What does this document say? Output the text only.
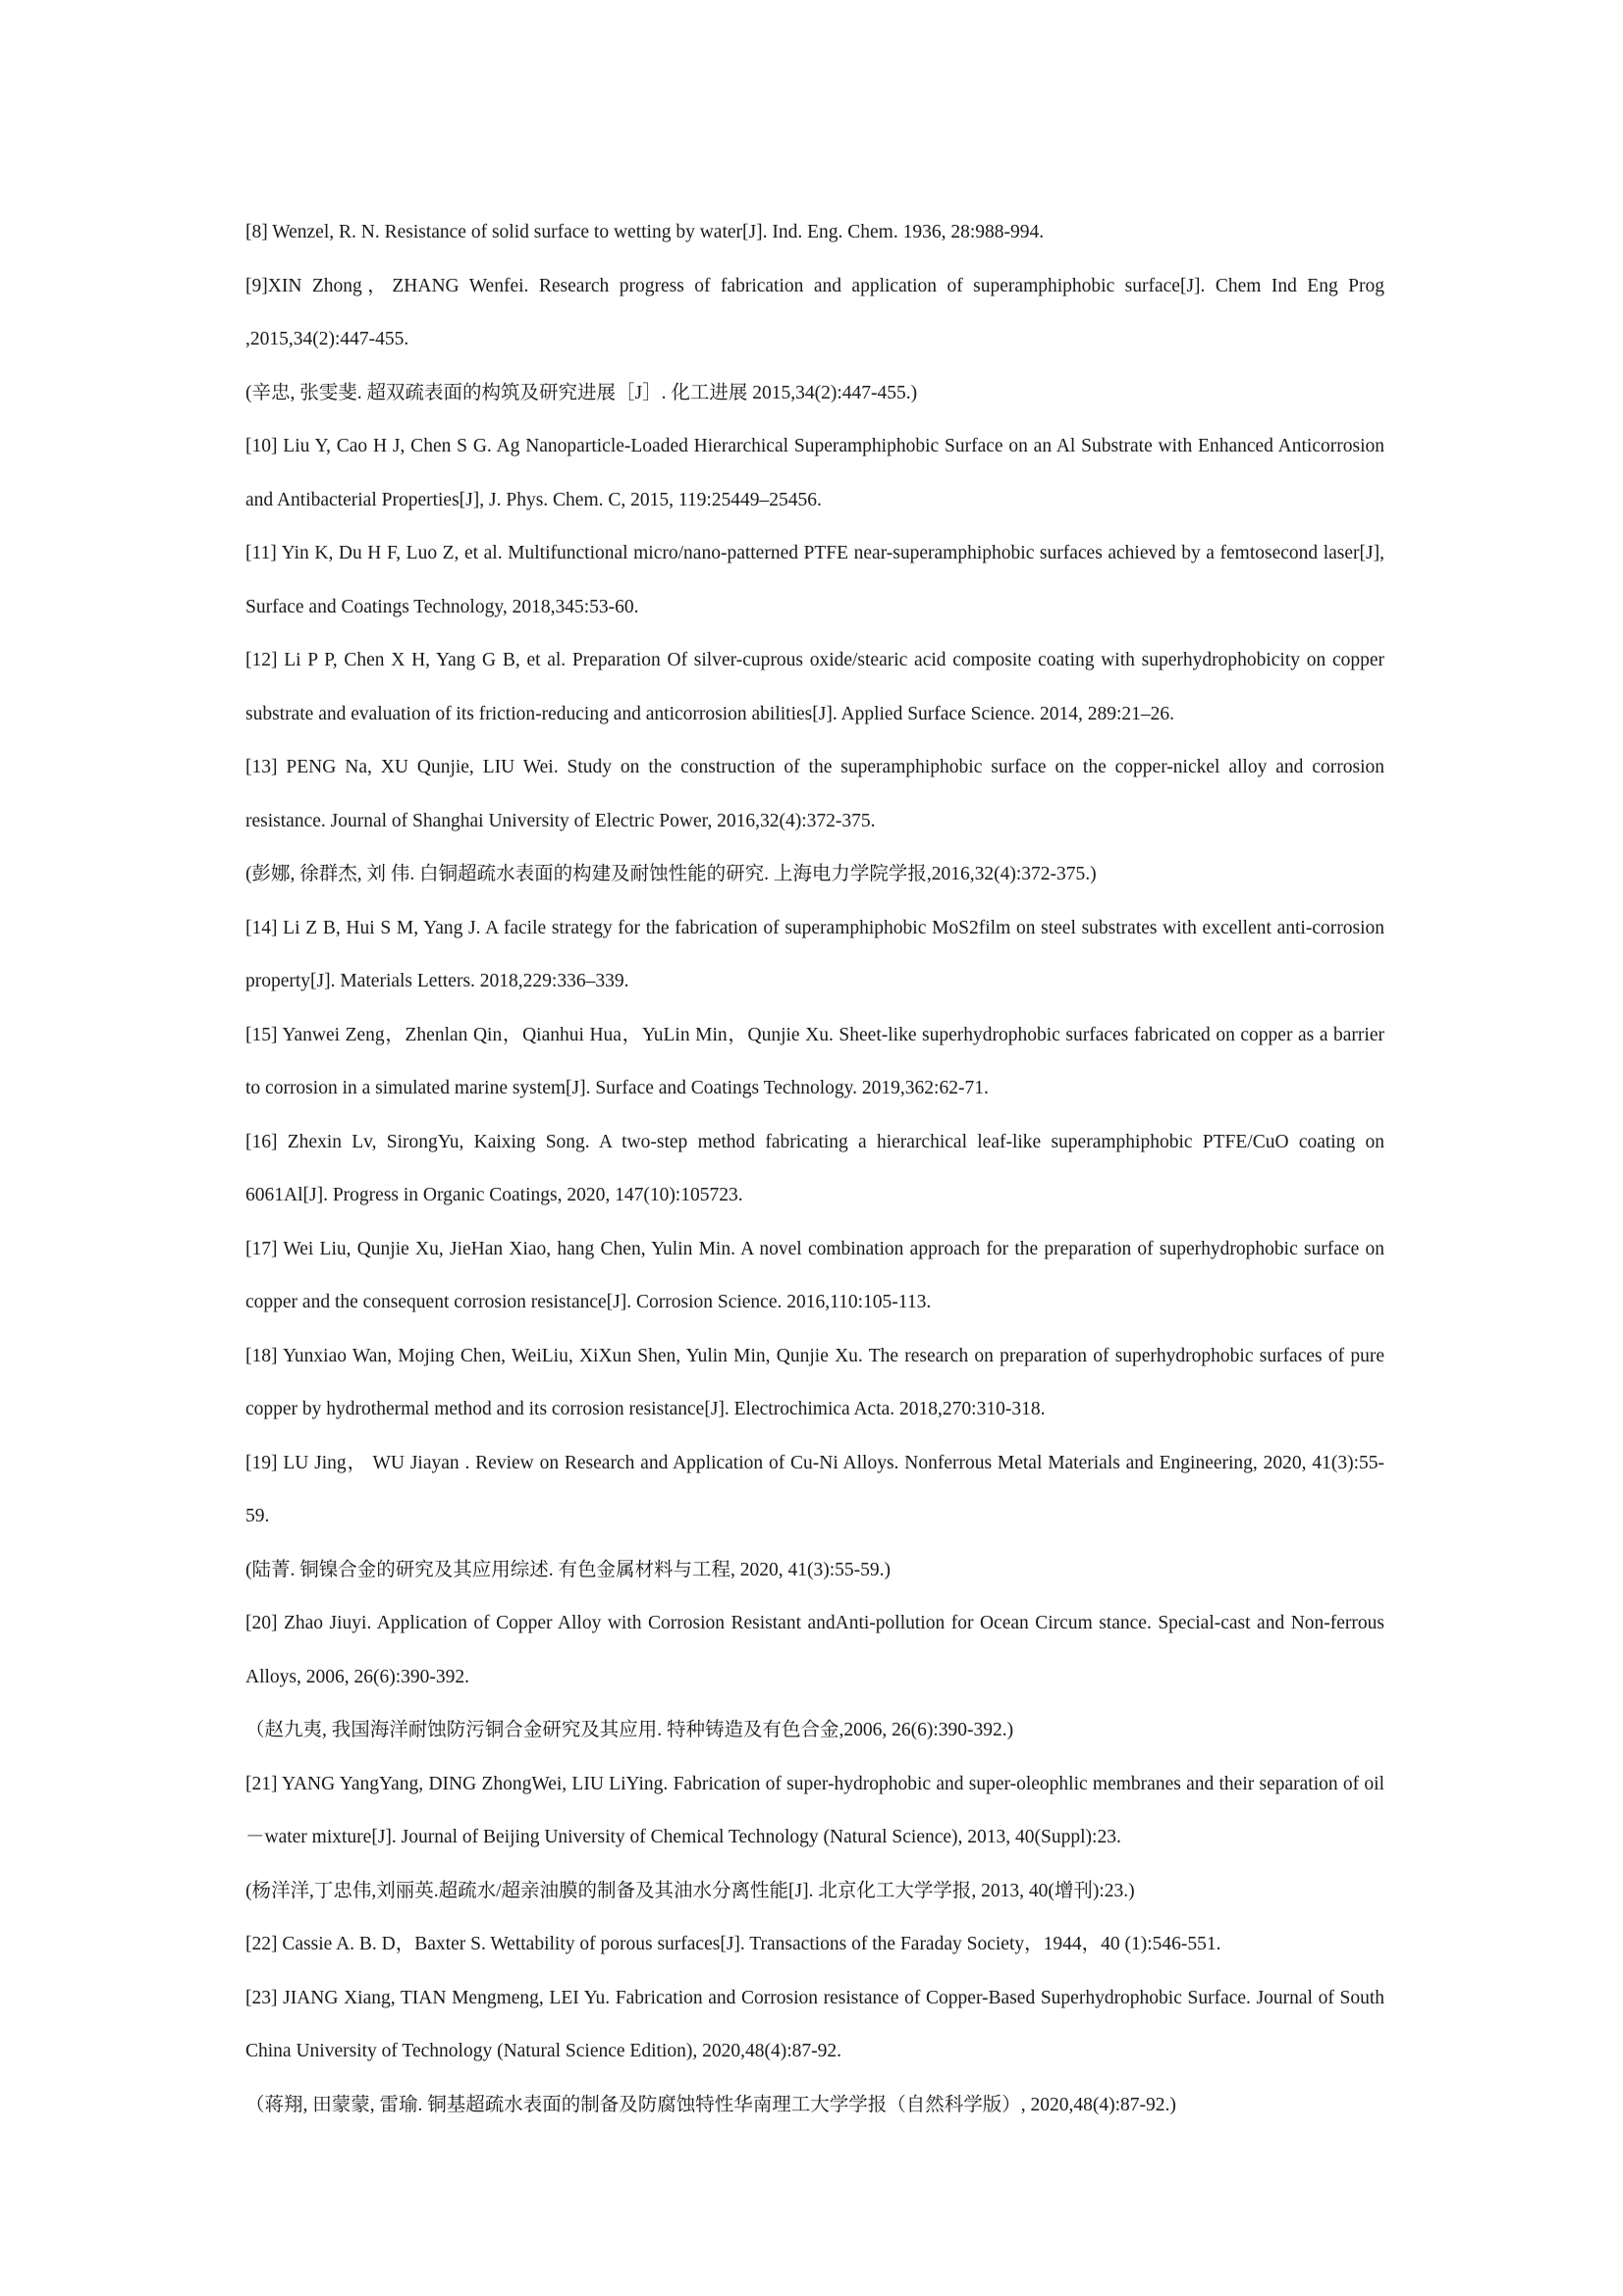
[8] Wenzel, R. N. Resistance of solid surface to wetting by water[J]. Ind. Eng. Chem. 1936, 28:988-994.

[9]XIN Zhong，ZHANG Wenfei. Research progress of fabrication and application of superamphiphobic surface[J]. Chem Ind Eng Prog ,2015,34(2):447-455.

(辛忠, 张雯斐. 超双疏表面的构筑及研究进展［J］. 化工进展 2015,34(2):447-455.)

[10] Liu Y, Cao H J, Chen S G. Ag Nanoparticle-Loaded Hierarchical Superamphiphobic Surface on an Al Substrate with Enhanced Anticorrosion and Antibacterial Properties[J], J. Phys. Chem. C, 2015, 119:25449–25456.

[11] Yin K, Du H F, Luo Z, et al. Multifunctional micro/nano-patterned PTFE near-superamphiphobic surfaces achieved by a femtosecond laser[J], Surface and Coatings Technology, 2018,345:53-60.

[12] Li P P, Chen X H, Yang G B, et al. Preparation Of silver-cuprous oxide/stearic acid composite coating with superhydrophobicity on copper substrate and evaluation of its friction-reducing and anticorrosion abilities[J]. Applied Surface Science. 2014, 289:21–26.

[13] PENG Na, XU Qunjie, LIU Wei. Study on the construction of the superamphiphobic surface on the copper-nickel alloy and corrosion resistance. Journal of Shanghai University of Electric Power, 2016,32(4):372-375.

(彭娜, 徐群杰, 刘 伟. 白铜超疏水表面的构建及耐蚀性能的研究. 上海电力学院学报,2016,32(4):372-375.)

[14] Li Z B, Hui S M, Yang J. A facile strategy for the fabrication of superamphiphobic MoS2film on steel substrates with excellent anti-corrosion property[J]. Materials Letters. 2018,229:336–339.

[15] Yanwei Zeng，Zhenlan Qin，Qianhui Hua，YuLin Min，Qunjie Xu. Sheet-like superhydrophobic surfaces fabricated on copper as a barrier to corrosion in a simulated marine system[J]. Surface and Coatings Technology. 2019,362:62-71.

[16] Zhexin Lv, SirongYu, Kaixing Song. A two-step method fabricating a hierarchical leaf-like superamphiphobic PTFE/CuO coating on 6061Al[J]. Progress in Organic Coatings, 2020, 147(10):105723.

[17] Wei Liu, Qunjie Xu, JieHan Xiao, hang Chen, Yulin Min. A novel combination approach for the preparation of superhydrophobic surface on copper and the consequent corrosion resistance[J]. Corrosion Science. 2016,110:105-113.

[18] Yunxiao Wan, Mojing Chen, WeiLiu, XiXun Shen, Yulin Min, Qunjie Xu. The research on preparation of superhydrophobic surfaces of pure copper by hydrothermal method and its corrosion resistance[J]. Electrochimica Acta. 2018,270:310-318.

[19] LU Jing， WU Jiayan . Review on Research and Application of Cu-Ni Alloys. Nonferrous Metal Materials and Engineering, 2020, 41(3):55-59.

(陆菁. 铜镍合金的研究及其应用综述. 有色金属材料与工程, 2020, 41(3):55-59.)

[20] Zhao Jiuyi. Application of Copper Alloy with Corrosion Resistant andAnti-pollution for Ocean Circum stance. Special-cast and Non-ferrous Alloys, 2006, 26(6):390-392.

（赵九夷, 我国海洋耐蚀防污铜合金研究及其应用. 特种铸造及有色合金,2006, 26(6):390-392.)

[21] YANG YangYang, DING ZhongWei, LIU LiYing. Fabrication of super-hydrophobic and super-oleophlic membranes and their separation of oil－water mixture[J]. Journal of Beijing University of Chemical Technology (Natural Science), 2013, 40(Suppl):23.

(杨洋洋,丁忠伟,刘丽英.超疏水/超亲油膜的制备及其油水分离性能[J]. 北京化工大学学报, 2013, 40(增刊):23.)

[22] Cassie A. B. D，Baxter S. Wettability of porous surfaces[J]. Transactions of the Faraday Society，1944，40 (1):546-551.

[23] JIANG Xiang, TIAN Mengmeng, LEI Yu. Fabrication and Corrosion resistance of Copper-Based Superhydrophobic Surface. Journal of South China University of Technology (Natural Science Edition), 2020,48(4):87-92.

（蒋翔, 田蒙蒙, 雷瑜. 铜基超疏水表面的制备及防腐蚀特性华南理工大学学报（自然科学版）, 2020,48(4):87-92.)
